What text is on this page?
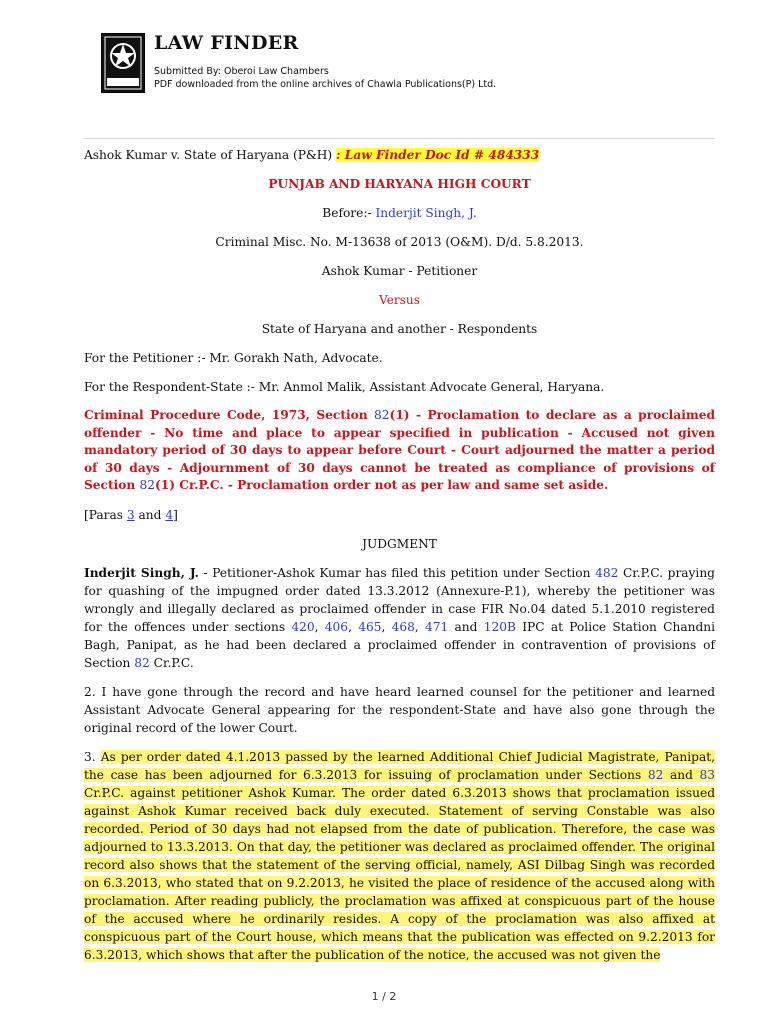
LAW FINDER
Submitted By: Oberoi Law Chambers
PDF downloaded from the online archives of Chawla Publications(P) Ltd.

Ashok Kumar v. State of Haryana (P&H) : Law Finder Doc Id # 484333

PUNJAB AND HARYANA HIGH COURT

Before:- Inderjit Singh, J.

Criminal Misc. No. M-13638 of 2013 (O&M). D/d. 5.8.2013.

Ashok Kumar - Petitioner

Versus

State of Haryana and another - Respondents

For the Petitioner :- Mr. Gorakh Nath, Advocate.

For the Respondent-State :- Mr. Anmol Malik, Assistant Advocate General, Haryana.

Criminal Procedure Code, 1973, Section 82(1) - Proclamation to declare as a proclaimed offender - No time and place to appear specified in publication - Accused not given mandatory period of 30 days to appear before Court - Court adjourned the matter a period of 30 days - Adjournment of 30 days cannot be treated as compliance of provisions of Section 82(1) Cr.P.C. - Proclamation order not as per law and same set aside.

[Paras 3 and 4]

JUDGMENT

Inderjit Singh, J. - Petitioner-Ashok Kumar has filed this petition under Section 482 Cr.P.C. praying for quashing of the impugned order dated 13.3.2012 (Annexure-P.1), whereby the petitioner was wrongly and illegally declared as proclaimed offender in case FIR No.04 dated 5.1.2010 registered for the offences under sections 420, 406, 465, 468, 471 and 120B IPC at Police Station Chandni Bagh, Panipat, as he had been declared a proclaimed offender in contravention of provisions of Section 82 Cr.P.C.

2. I have gone through the record and have heard learned counsel for the petitioner and learned Assistant Advocate General appearing for the respondent-State and have also gone through the original record of the lower Court.

3. As per order dated 4.1.2013 passed by the learned Additional Chief Judicial Magistrate, Panipat, the case has been adjourned for 6.3.2013 for issuing of proclamation under Sections 82 and 83 Cr.P.C. against petitioner Ashok Kumar. The order dated 6.3.2013 shows that proclamation issued against Ashok Kumar received back duly executed. Statement of serving Constable was also recorded. Period of 30 days had not elapsed from the date of publication. Therefore, the case was adjourned to 13.3.2013. On that day, the petitioner was declared as proclaimed offender. The original record also shows that the statement of the serving official, namely, ASI Dilbag Singh was recorded on 6.3.2013, who stated that on 9.2.2013, he visited the place of residence of the accused along with proclamation. After reading publicly, the proclamation was affixed at conspicuous part of the house of the accused where he ordinarily resides. A copy of the proclamation was also affixed at conspicuous part of the Court house, which means that the publication was effected on 9.2.2013 for 6.3.2013, which shows that after the publication of the notice, the accused was not given the

1 / 2
